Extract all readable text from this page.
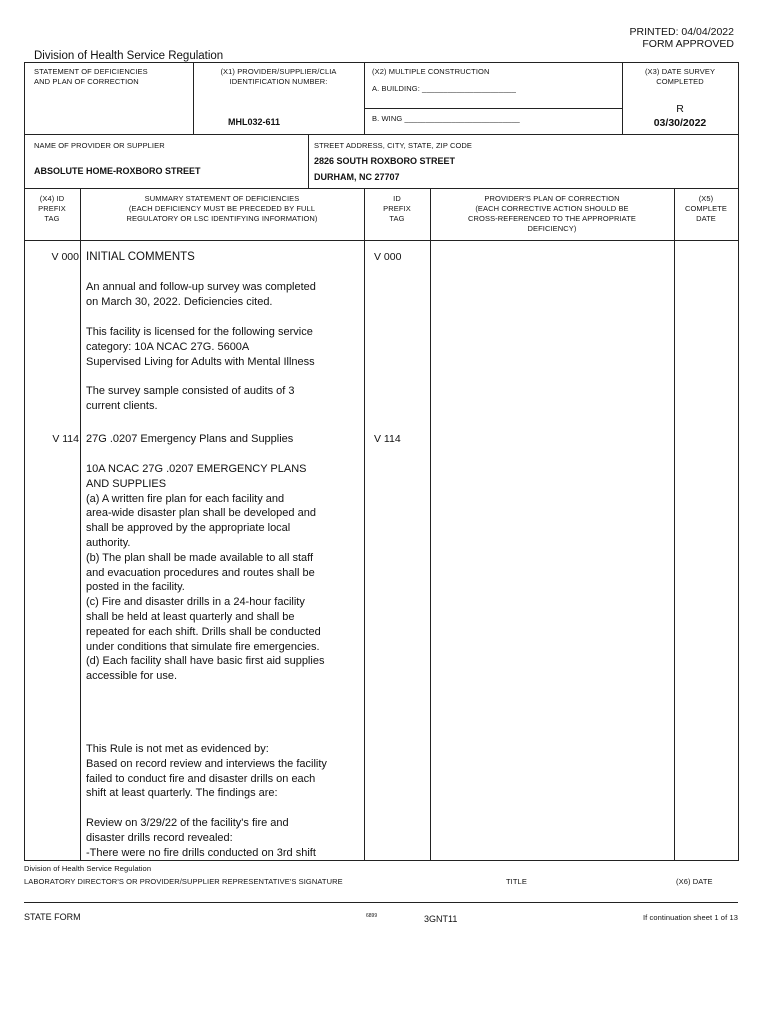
PRINTED: 04/04/2022
FORM APPROVED
Division of Health Service Regulation
STATEMENT OF DEFICIENCIES
AND PLAN OF CORRECTION
(X1) PROVIDER/SUPPLIER/CLIA
IDENTIFICATION NUMBER:
MHL032-611
(X2) MULTIPLE CONSTRUCTION
A. BUILDING: ______________________
B. WING ___________________________
(X3) DATE SURVEY
COMPLETED
R
03/30/2022
NAME OF PROVIDER OR SUPPLIER
ABSOLUTE HOME-ROXBORO STREET
STREET ADDRESS, CITY, STATE, ZIP CODE
2826 SOUTH ROXBORO STREET
DURHAM, NC 27707
(X4) ID
PREFIX
TAG
SUMMARY STATEMENT OF DEFICIENCIES
(EACH DEFICIENCY MUST BE PRECEDED BY FULL
REGULATORY OR LSC IDENTIFYING INFORMATION)
ID
PREFIX
TAG
PROVIDER'S PLAN OF CORRECTION
(EACH CORRECTIVE ACTION SHOULD BE
CROSS-REFERENCED TO THE APPROPRIATE
DEFICIENCY)
(X5)
COMPLETE
DATE
V 000 INITIAL COMMENTS	V 000
An annual and follow-up survey was completed
on March 30, 2022. Deficiencies cited.
This facility is licensed for the following service
category: 10A NCAC 27G. 5600A
Supervised Living for Adults with Mental Illness
The survey sample consisted of audits of 3
current clients.
V 114 27G .0207 Emergency Plans and Supplies	V 114
10A NCAC 27G .0207 EMERGENCY PLANS
AND SUPPLIES
(a) A written fire plan for each facility and
area-wide disaster plan shall be developed and
shall be approved by the appropriate local
authority.
(b) The plan shall be made available to all staff
and evacuation procedures and routes shall be
posted in the facility.
(c) Fire and disaster drills in a 24-hour facility
shall be held at least quarterly and shall be
repeated for each shift. Drills shall be conducted
under conditions that simulate fire emergencies.
(d) Each facility shall have basic first aid supplies
accessible for use.
This Rule is not met as evidenced by:
Based on record review and interviews the facility
failed to conduct fire and disaster drills on each
shift at least quarterly. The findings are:
Review on 3/29/22 of the facility's fire and
disaster drills record revealed:
-There were no fire drills conducted on 3rd shift
Division of Health Service Regulation
LABORATORY DIRECTOR'S OR PROVIDER/SUPPLIER REPRESENTATIVE'S SIGNATURE	TITLE	(X6) DATE
STATE FORM	6899	3GNT11	If continuation sheet 1 of 13
